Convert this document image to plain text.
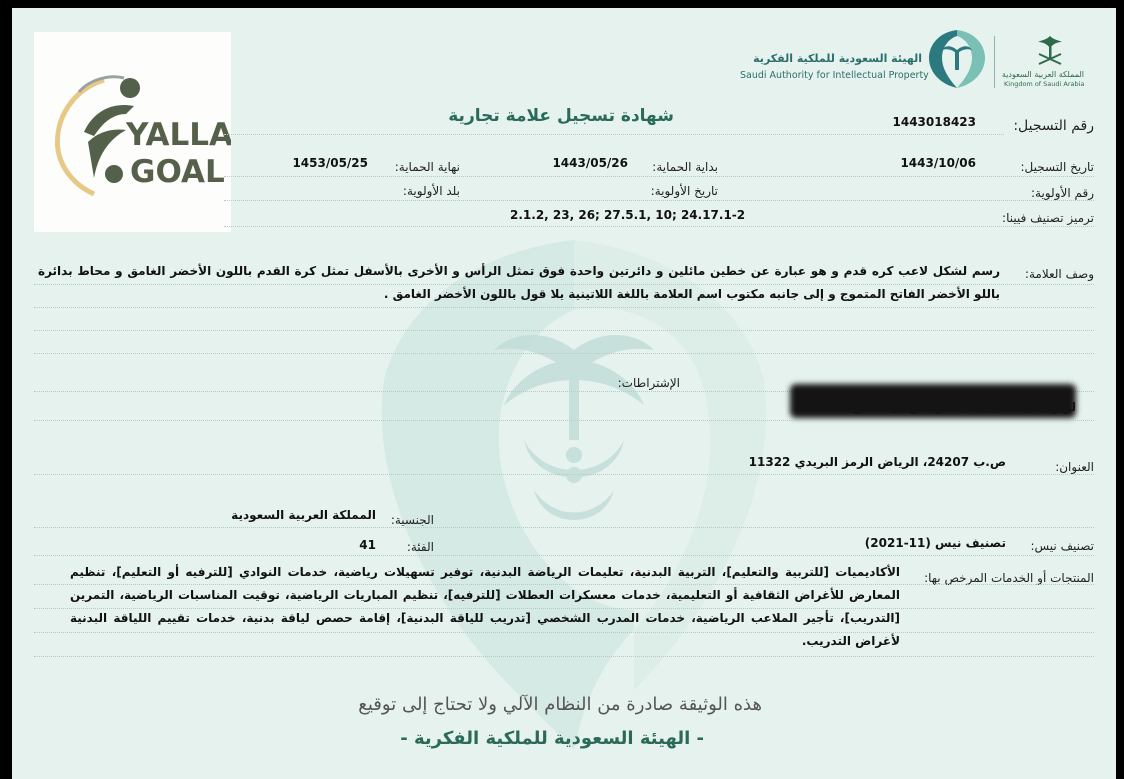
YALLA
GOAL
الهيئة السعودية للملكية الفكرية
Saudi Authority for Intellectual Property	المملكة العربية السعودية
Kingdom of Saudi Arabia
شهادة تسجيل علامة تجارية	رقم التسجيل:
1443018423
تاريخ التسجيل:
1443/10/06
بداية الحماية:
1443/05/26
نهاية الحماية:
1453/05/25
رقم الأولوية:
تاريخ الأولوية:
بلد الأولوية:
ترميز تصنيف فيينا:
2.1.2, 23, 26; 27.5.1, 10; 24.17.1-2
وصف العلامة:
رسم لشكل لاعب كره قدم و هو عبارة عن خطين مائلين و دائرتين واحدة فوق تمثل الرأس و الأخرى بالأسفل تمثل كرة القدم باللون الأخضر الغامق و محاط بدائرة باللو الأخضر الفاتح المتموج و إلى جانبه مكتوب اسم العلامة باللغة اللاتينية يلا قول باللون الأخضر الغامق .
الإشتراطات:
العنوان:
ص.ب 24207، الرياض الرمز البريدي 11322
الجنسية:
المملكة العربية السعودية
تصنيف نيس:
تصنيف نيس (11-2021)
الفئة:
41
المنتجات أو الخدمات المرخص بها:
الأكاديميات [للتربية والتعليم]، التربية البدنية، تعليمات الرياضة البدنية، توفير تسهيلات رياضية، خدمات النوادي [للترفيه أو التعليم]، تنظيم المعارض للأغراض الثقافية أو التعليمية، خدمات معسكرات العطلات [للترفيه]، تنظيم المباريات الرياضية، توقيت المناسبات الرياضية، التمرين [التدريب]، تأجير الملاعب الرياضية، خدمات المدرب الشخصي [تدريب للياقة البدنية]، إقامة حصص لياقة بدنية، خدمات تقييم اللياقة البدنية لأغراض التدريب.
هذه الوثيقة صادرة من النظام الآلي ولا تحتاج إلى توقيع
- الهيئة السعودية للملكية الفكرية -
